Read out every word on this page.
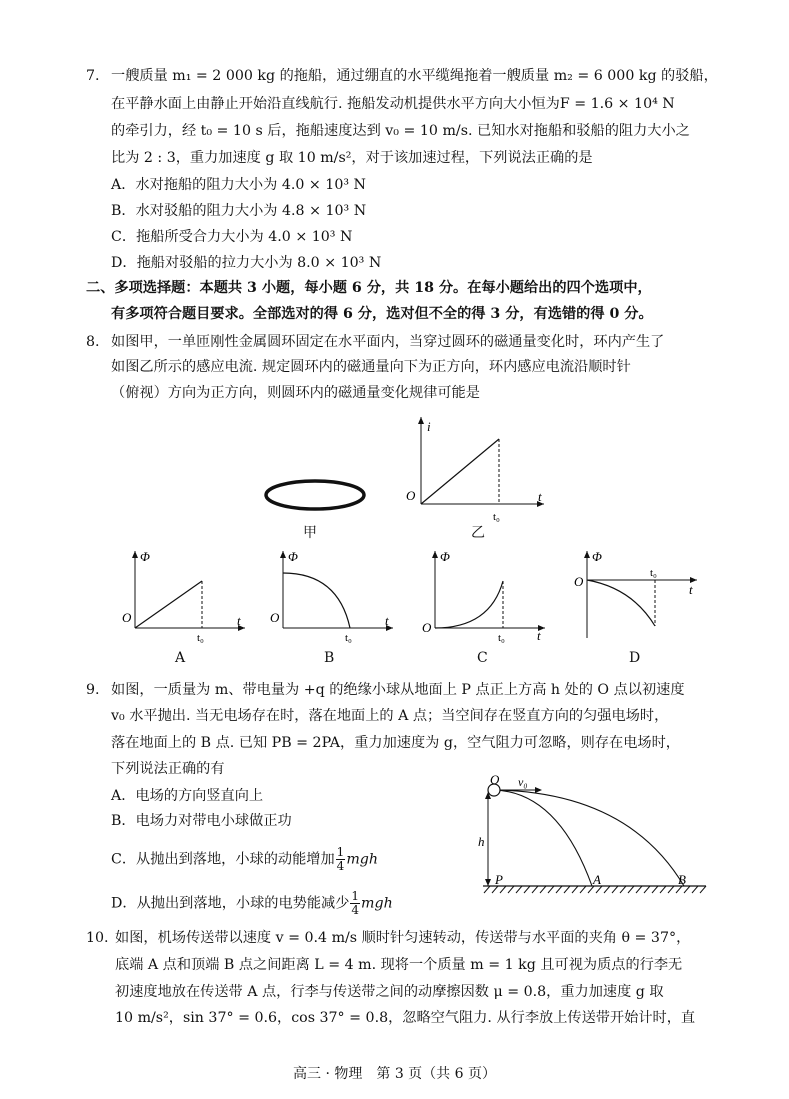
7. 一艘质量 m₁ = 2 000 kg 的拖船，通过绷直的水平缆绳拖着一艘质量 m₂ = 6 000 kg 的驳船，
在平静水面上由静止开始沿直线航行. 拖船发动机提供水平方向大小恒为F = 1.6 × 10⁴ N
的牵引力，经 t₀ = 10 s 后，拖船速度达到 v₀ = 10 m/s. 已知水对拖船和驳船的阻力大小之
比为 2 : 3，重力加速度 g 取 10 m/s²，对于该加速过程，下列说法正确的是
A．水对拖船的阻力大小为 4.0 × 10³ N
B．水对驳船的阻力大小为 4.8 × 10³ N
C．拖船所受合力大小为 4.0 × 10³ N
D．拖船对驳船的拉力大小为 8.0 × 10³ N
二、多项选择题：本题共 3 小题，每小题 6 分，共 18 分。在每小题给出的四个选项中，
有多项符合题目要求。全部选对的得 6 分，选对但不全的得 3 分，有选错的得 0 分。
8. 如图甲，一单匝刚性金属圆环固定在水平面内，当穿过圆环的磁通量变化时，环内产生了
如图乙所示的感应电流. 规定圆环内的磁通量向下为正方向，环内感应电流沿顺时针
（俯视）方向为正方向，则圆环内的磁通量变化规律可能是
甲
i
O
t₀
t
乙
Φ
O
t₀
t
A
Φ
O
t₀
t
B
Φ
O
t₀ t
C
Φ
O
t₀
t
D
9. 如图，一质量为 m、带电量为 +q 的绝缘小球从地面上 P 点正上方高 h 处的 O 点以初速度
v₀ 水平抛出. 当无电场存在时，落在地面上的 A 点；当空间存在竖直方向的匀强电场时，
落在地面上的 B 点. 已知 PB = 2PA，重力加速度为 g，空气阻力可忽略，则存在电场时，
下列说法正确的有
A．电场的方向竖直向上
B．电场力对带电小球做正功
C．从抛出到落地，小球的动能增加 $\frac{1}{4}$ mgh
D．从抛出到落地，小球的电势能减少 $\frac{1}{4}$ mgh
O v₀
h
P	A	B
10. 如图，机场传送带以速度 v = 0.4 m/s 顺时针匀速转动，传送带与水平面的夹角 θ = 37°，
底端 A 点和顶端 B 点之间距离 L = 4 m. 现将一个质量 m = 1 kg 且可视为质点的行李无
初速度地放在传送带 A 点，行李与传送带之间的动摩擦因数 μ = 0.8，重力加速度 g 取
10 m/s²，sin 37° = 0.6，cos 37° = 0.8，忽略空气阻力. 从行李放上传送带开始计时，直
高三 · 物理　第 3 页（共 6 页）
